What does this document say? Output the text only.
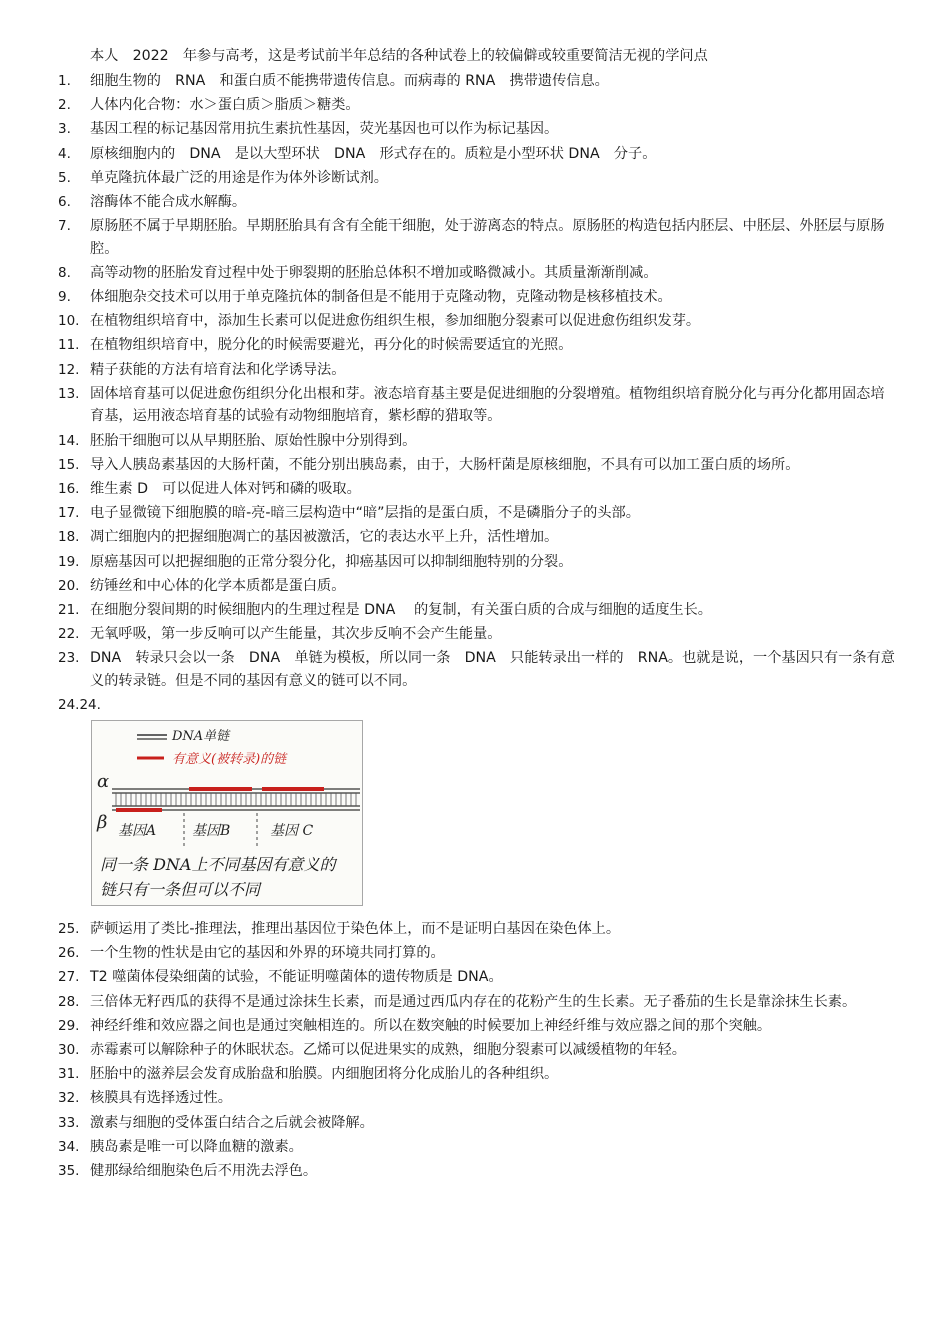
本人　2022　年参与高考，这是考试前半年总结的各种试卷上的较偏僻或较重要简洁无视的学问点
1.	细胞生物的　RNA　和蛋白质不能携带遗传信息。而病毒的 RNA　携带遗传信息。
2.	人体内化合物：水＞蛋白质＞脂质＞糖类。
3.	基因工程的标记基因常用抗生素抗性基因，荧光基因也可以作为标记基因。
4.	原核细胞内的　DNA　是以大型环状　DNA　形式存在的。质粒是小型环状 DNA　分子。
5.	单克隆抗体最广泛的用途是作为体外诊断试剂。
6.	溶酶体不能合成水解酶。
7.	原肠胚不属于早期胚胎。早期胚胎具有含有全能干细胞，处于游离态的特点。原肠胚的构造包括内胚层、中胚层、外胚层与原肠腔。
8.	高等动物的胚胎发育过程中处于卵裂期的胚胎总体积不增加或略微减小。其质量渐渐削减。
9.	体细胞杂交技术可以用于单克隆抗体的制备但是不能用于克隆动物，克隆动物是核移植技术。
10. 在植物组织培育中，添加生长素可以促进愈伤组织生根，参加细胞分裂素可以促进愈伤组织发芽。
11. 在植物组织培育中，脱分化的时候需要避光，再分化的时候需要适宜的光照。
12. 精子获能的方法有培育法和化学诱导法。
13. 固体培育基可以促进愈伤组织分化出根和芽。液态培育基主要是促进细胞的分裂增殖。植物组织培育脱分化与再分化都用固态培育基，运用液态培育基的试验有动物细胞培育，紫杉醇的猎取等。
14. 胚胎干细胞可以从早期胚胎、原始性腺中分别得到。
15. 导入人胰岛素基因的大肠杆菌，不能分别出胰岛素，由于，大肠杆菌是原核细胞，不具有可以加工蛋白质的场所。
16. 维生素 D　可以促进人体对钙和磷的吸取。
17. 电子显微镜下细胞膜的暗-亮-暗三层构造中“暗”层指的是蛋白质，不是磷脂分子的头部。
18. 凋亡细胞内的把握细胞凋亡的基因被激活，它的表达水平上升，活性增加。
19. 原癌基因可以把握细胞的正常分裂分化，抑癌基因可以抑制细胞特别的分裂。
20. 纺锤丝和中心体的化学本质都是蛋白质。
21. 在细胞分裂间期的时候细胞内的生理过程是 DNA　 的复制，有关蛋白质的合成与细胞的适度生长。
22. 无氧呼吸，第一步反响可以产生能量，其次步反响不会产生能量。
23. DNA　转录只会以一条　DNA　单链为模板，所以同一条　DNA　只能转录出一样的　RNA。也就是说，一个基因只有一条有意义的转录链。但是不同的基因有意义的链可以不同。
24.24.
DNA单链
有意义(被转录)的链
α
β 基因A	基因B	基因 C
同一条 DNA上不同基因有意义的 链只有一条但可以不同
25. 萨顿运用了类比-推理法，推理出基因位于染色体上，而不是证明白基因在染色体上。
26. 一个生物的性状是由它的基因和外界的环境共同打算的。
27. T2 噬菌体侵染细菌的试验，不能证明噬菌体的遗传物质是 DNA。
28. 三倍体无籽西瓜的获得不是通过涂抹生长素，而是通过西瓜内存在的花粉产生的生长素。无子番茄的生长是靠涂抹生长素。
29. 神经纤维和效应器之间也是通过突触相连的。所以在数突触的时候要加上神经纤维与效应器之间的那个突触。
30. 赤霉素可以解除种子的休眠状态。乙烯可以促进果实的成熟，细胞分裂素可以减缓植物的年轻。
31. 胚胎中的滋养层会发育成胎盘和胎膜。内细胞团将分化成胎儿的各种组织。
32. 核膜具有选择透过性。
33. 激素与细胞的受体蛋白结合之后就会被降解。
34. 胰岛素是唯一可以降血糖的激素。
35. 健那绿给细胞染色后不用洗去浮色。
